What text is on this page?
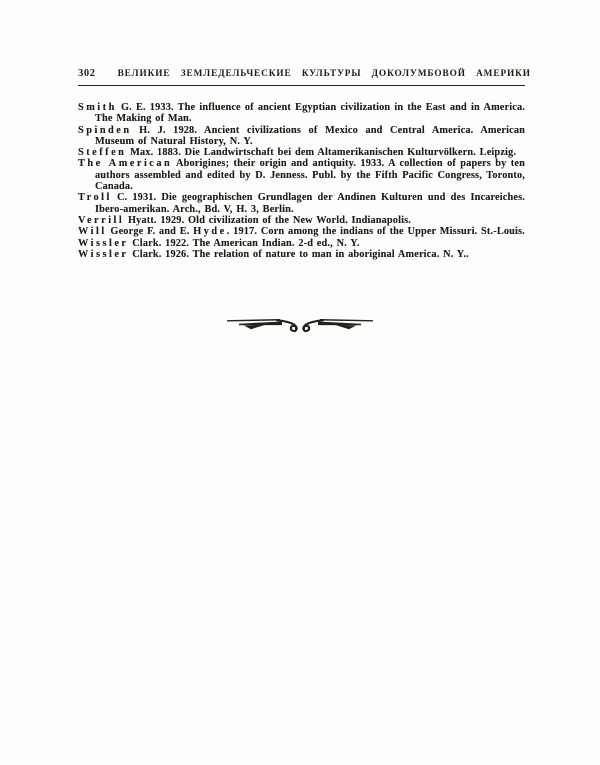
302 ВЕЛИКИЕ ЗЕМЛЕДЕЛЬЧЕСКИЕ КУЛЬТУРЫ ДОКОЛУМБОВОЙ АМЕРИКИ

Smith G. E. 1933. The influence of ancient Egyptian civilization in the East and in America. The Making of Man.

Spinden H. J. 1928. Ancient civilizations of Mexico and Central America. American Museum of Natural History, N. Y.

Steffen Max. 1883. Die Landwirtschaft bei dem Altamerikanischen Kulturvölkern. Leipzig.

The American Aborigines; their origin and antiquity. 1933. A collection of papers by ten authors assembled and edited by D. Jenness. Publ. by the Fifth Pacific Congress, Toronto, Canada.

Troll C. 1931. Die geographischen Grundlagen der Andinen Kulturen und des Incareiches. Ibero-amerikan. Arch., Bd. V, H. 3, Berlin.

Verrill Hyatt. 1929. Old civilization of the New World. Indianapolis.

Will George F. and E. Hyde. 1917. Corn among the indians of the Upper Missuri. St.-Louis.

Wissler Clark. 1922. The American Indian. 2-d ed., N. Y.

Wissler Clark. 1926. The relation of nature to man in aboriginal America. N. Y..
